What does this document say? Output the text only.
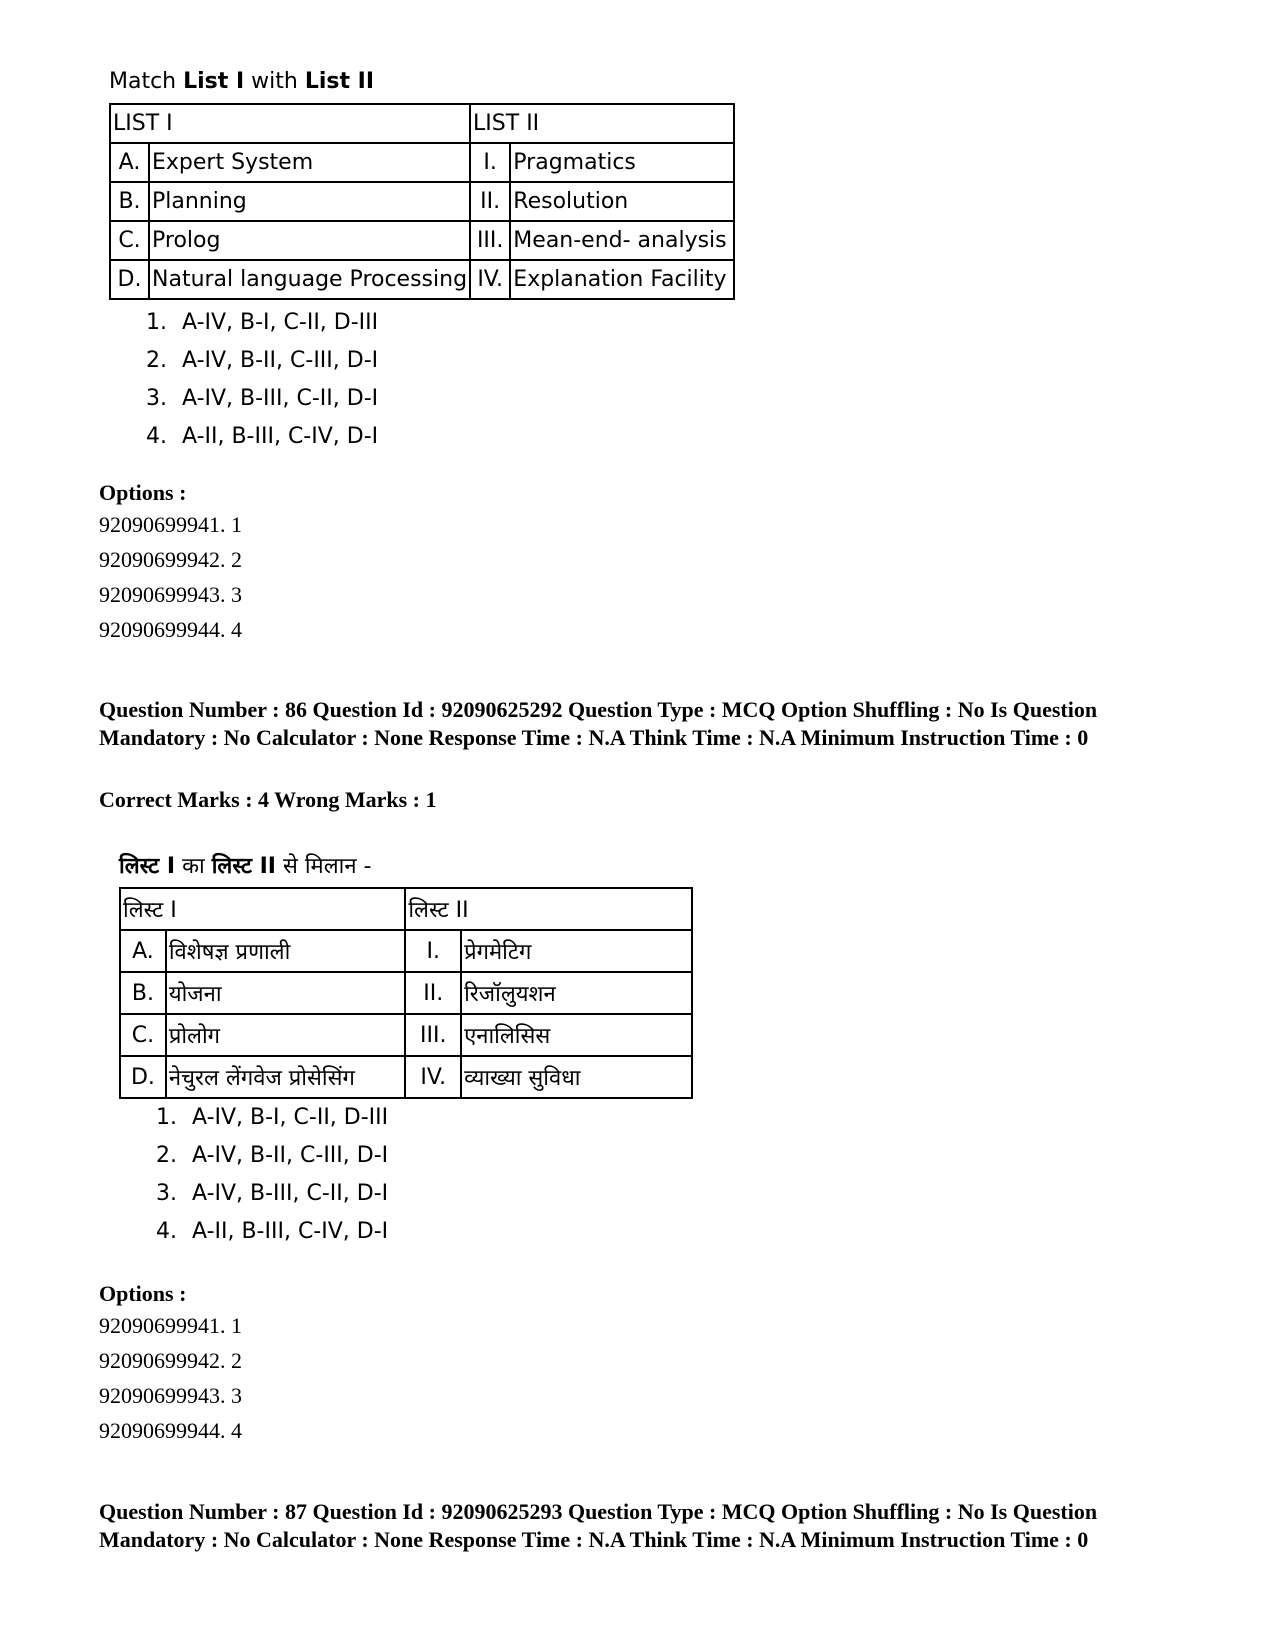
Match List I with List II
LIST I		LIST II	
A.	Expert System	I.	Pragmatics
B.	Planning	II.	Resolution
C.	Prolog	III.	Mean-end- analysis
D.	Natural language Processing	IV.	Explanation Facility
1. A-IV, B-I, C-II, D-III
2. A-IV, B-II, C-III, D-I
3. A-IV, B-III, C-II, D-I
4. A-II, B-III, C-IV, D-I
Options :
92090699941. 1
92090699942. 2
92090699943. 3
92090699944. 4
Question Number : 86 Question Id : 92090625292 Question Type : MCQ Option Shuffling : No Is Question Mandatory : No Calculator : None Response Time : N.A Think Time : N.A Minimum Instruction Time : 0
Correct Marks : 4 Wrong Marks : 1
लिस्ट I का लिस्ट II से मिलान -
लिस्ट I		लिस्ट II	
A.	विशेषज्ञ प्रणाली	I.	प्रेगमेटिग
B.	योजना	II.	रिजॉलुयशन
C.	प्रोलोग	III.	एनालिसिस
D.	नेचुरल लेंगवेज प्रोसेसिंग	IV.	व्याख्या सुविधा
1. A-IV, B-I, C-II, D-III
2. A-IV, B-II, C-III, D-I
3. A-IV, B-III, C-II, D-I
4. A-II, B-III, C-IV, D-I
Options :
92090699941. 1
92090699942. 2
92090699943. 3
92090699944. 4
Question Number : 87 Question Id : 92090625293 Question Type : MCQ Option Shuffling : No Is Question Mandatory : No Calculator : None Response Time : N.A Think Time : N.A Minimum Instruction Time : 0
